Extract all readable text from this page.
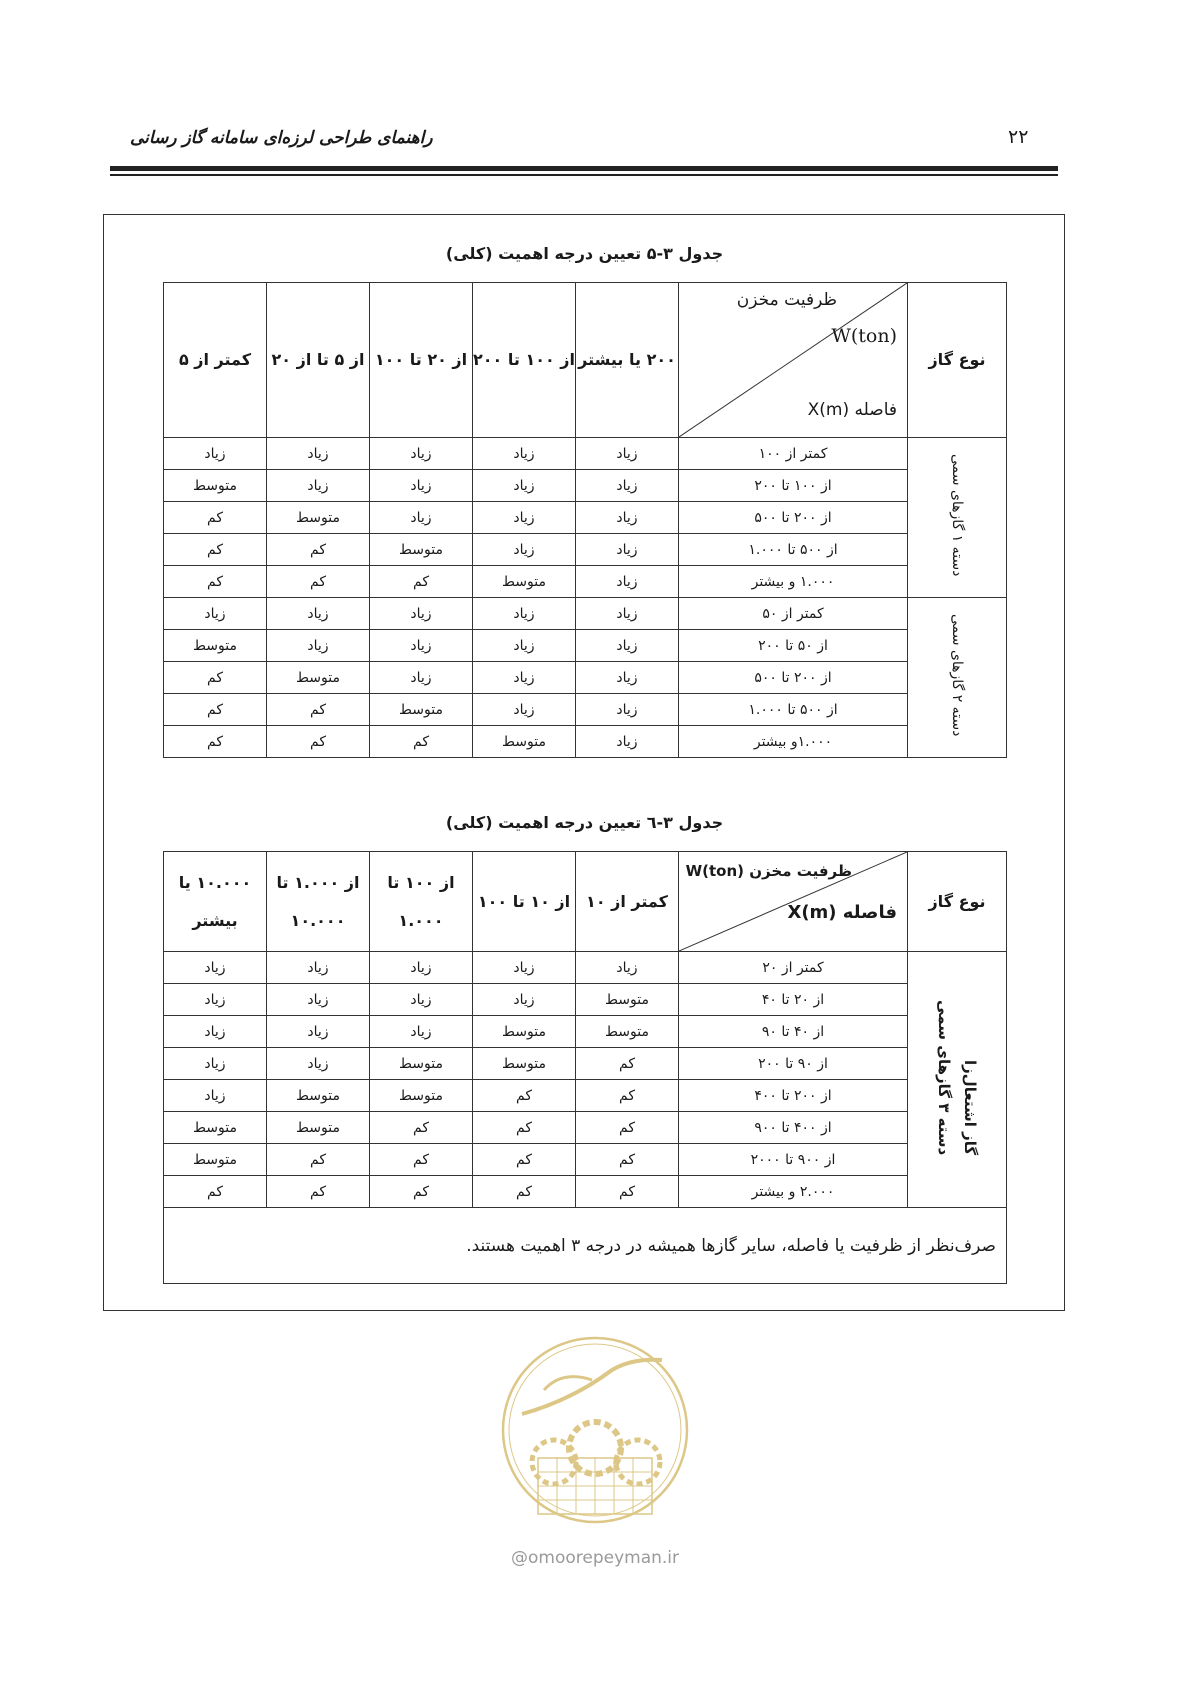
۲۲
راهنمای طراحی لرزه‌ای سامانه گاز رسانی
جدول ۳-۵ تعیین درجه اهمیت (کلی)
نوع گاز	ظرفیت مخزن
W(ton)
فاصله X(m)	۲۰۰ یا بیشتر	از ۱۰۰ تا ۲۰۰	از ۲۰ تا ۱۰۰	از ۵ تا از ۲۰	کمتر از ۵
دسته ۱ گازهای سمی	کمتر از ۱۰۰	زیاد	زیاد	زیاد	زیاد	زیاد
	از ۱۰۰ تا ۲۰۰	زیاد	زیاد	زیاد	زیاد	متوسط
	از ۲۰۰ تا ۵۰۰	زیاد	زیاد	زیاد	متوسط	کم
	از ۵۰۰ تا ۱.۰۰۰	زیاد	زیاد	متوسط	کم	کم
	۱.۰۰۰ و بیشتر	زیاد	متوسط	کم	کم	کم
دسته ۲ گازهای سمی	کمتر از ۵۰	زیاد	زیاد	زیاد	زیاد	زیاد
	از ۵۰ تا ۲۰۰	زیاد	زیاد	زیاد	زیاد	متوسط
	از ۲۰۰ تا ۵۰۰	زیاد	زیاد	زیاد	متوسط	کم
	از ۵۰۰ تا ۱.۰۰۰	زیاد	زیاد	متوسط	کم	کم
	۱.۰۰۰و بیشتر	زیاد	متوسط	کم	کم	کم
جدول ۳-٦ تعیین درجه اهمیت (کلی)
نوع گاز	ظرفیت مخزن W(ton)
فاصله X(m)	کمتر از ۱۰	از ۱۰ تا ۱۰۰	از ۱۰۰ تا ۱.۰۰۰	از ۱.۰۰۰ تا ۱۰.۰۰۰	۱۰.۰۰۰ یا بیشتر
گاز اشتعال‌زادسته ۳ گازهای سمی	کمتر از ۲۰	زیاد	زیاد	زیاد	زیاد	زیاد
	از ۲۰ تا ۴۰	متوسط	زیاد	زیاد	زیاد	زیاد
	از ۴۰ تا ۹۰	متوسط	متوسط	زیاد	زیاد	زیاد
	از ۹۰ تا ۲۰۰	کم	متوسط	متوسط	زیاد	زیاد
	از ۲۰۰ تا ۴۰۰	کم	کم	متوسط	متوسط	زیاد
	از ۴۰۰ تا ۹۰۰	کم	کم	کم	متوسط	متوسط
	از ۹۰۰ تا ۲۰۰۰	کم	کم	کم	کم	متوسط
	۲.۰۰۰ و بیشتر	کم	کم	کم	کم	کم
صرف‌نظر از ظرفیت یا فاصله، سایر گازها همیشه در درجه ۳ اهمیت هستند.						
@omoorepeyman.ir
